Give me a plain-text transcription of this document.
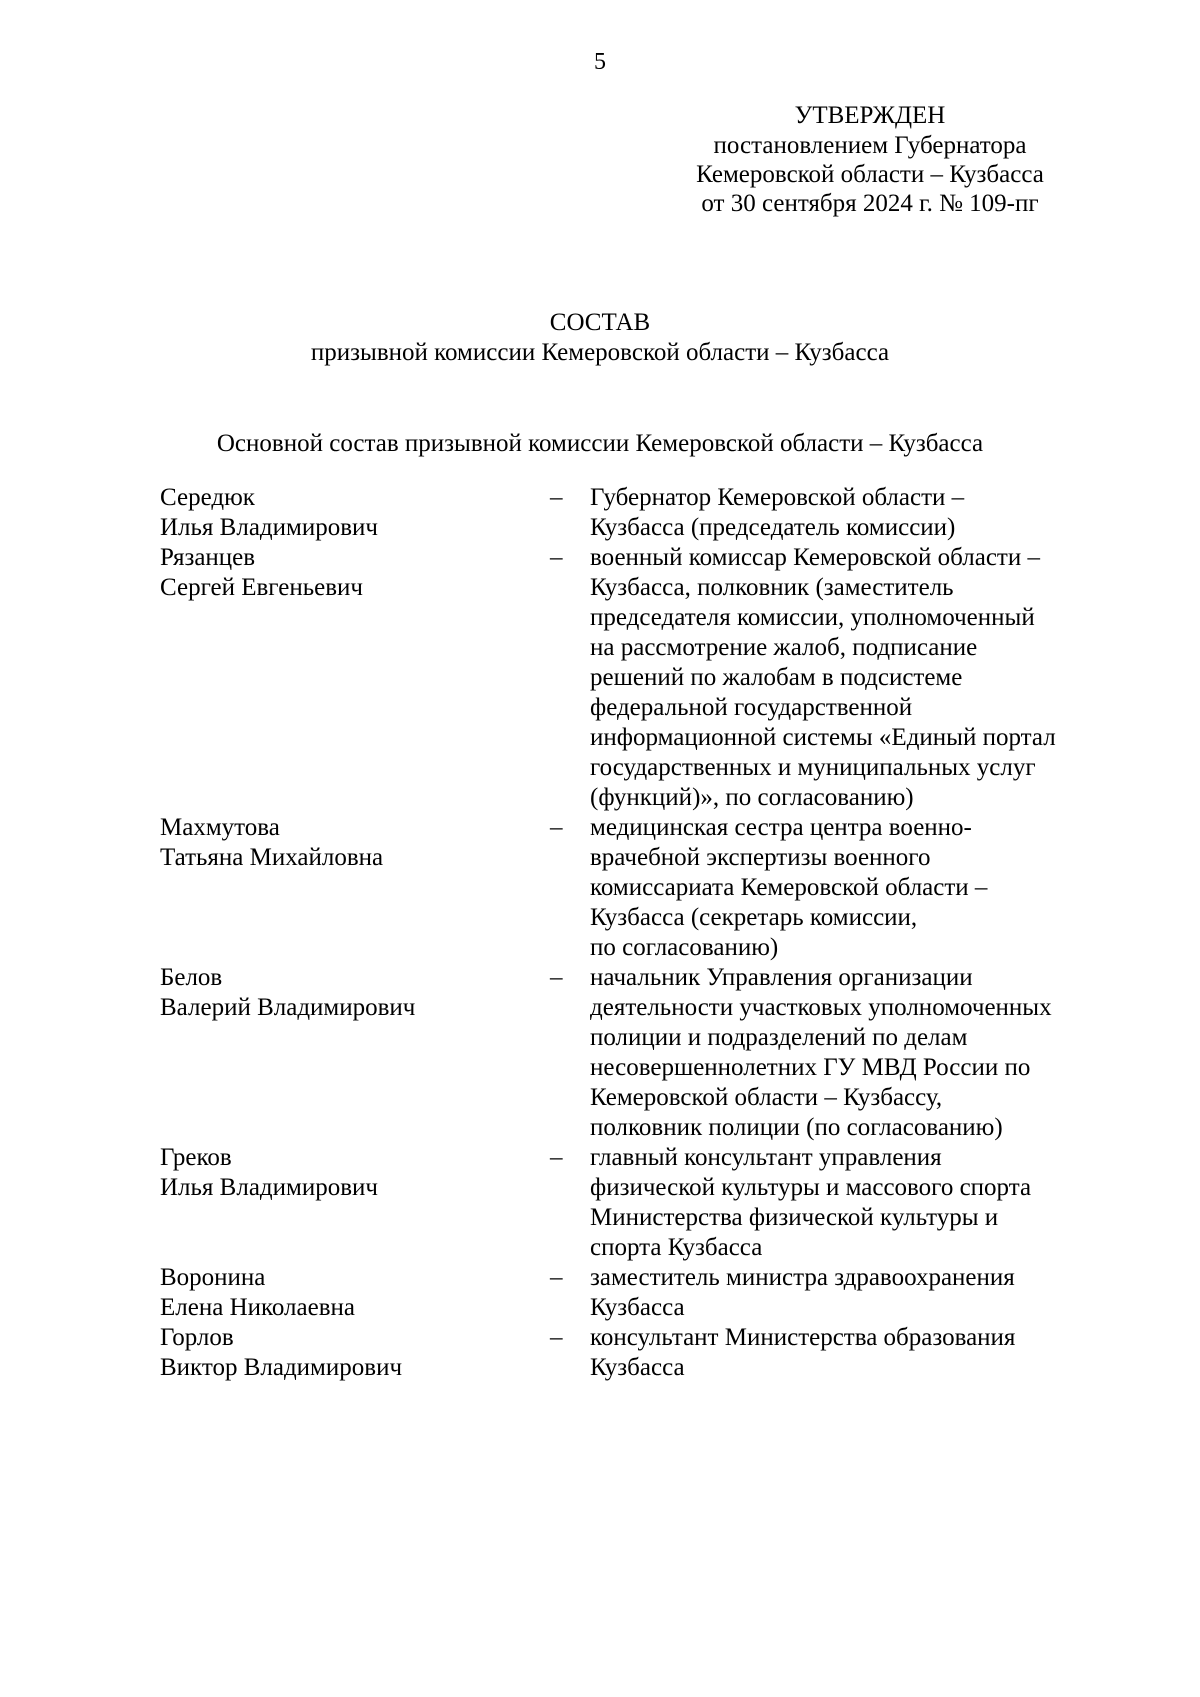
5
УТВЕРЖДЕН
постановлением Губернатора
Кемеровской области – Кузбасса
от 30 сентября 2024 г. № 109-пг
СОСТАВ
призывной комиссии Кемеровской области – Кузбасса
Основной состав призывной комиссии Кемеровской области – Кузбасса
Середюк
Илья Владимирович
–	Губернатор Кемеровской области –
Кузбасса (председатель комиссии)
Рязанцев
Сергей Евгеньевич
–	военный комиссар Кемеровской области –
Кузбасса, полковник (заместитель
председателя комиссии, уполномоченный
на рассмотрение жалоб, подписание
решений по жалобам в подсистеме
федеральной государственной
информационной системы «Единый портал
государственных и муниципальных услуг
(функций)», по согласованию)
Махмутова
Татьяна Михайловна
–	медицинская сестра центра военно-
врачебной экспертизы военного
комиссариата Кемеровской области –
Кузбасса (секретарь комиссии,
по согласованию)
Белов
Валерий Владимирович
–	начальник Управления организации
деятельности участковых уполномоченных
полиции и подразделений по делам
несовершеннолетних ГУ МВД России по
Кемеровской области – Кузбассу,
полковник полиции (по согласованию)
Греков
Илья Владимирович
–	главный консультант управления
физической культуры и массового спорта
Министерства физической культуры и
спорта Кузбасса
Воронина
Елена Николаевна
–	заместитель министра здравоохранения
Кузбасса
Горлов
Виктор Владимирович
–	консультант Министерства образования
Кузбасса
